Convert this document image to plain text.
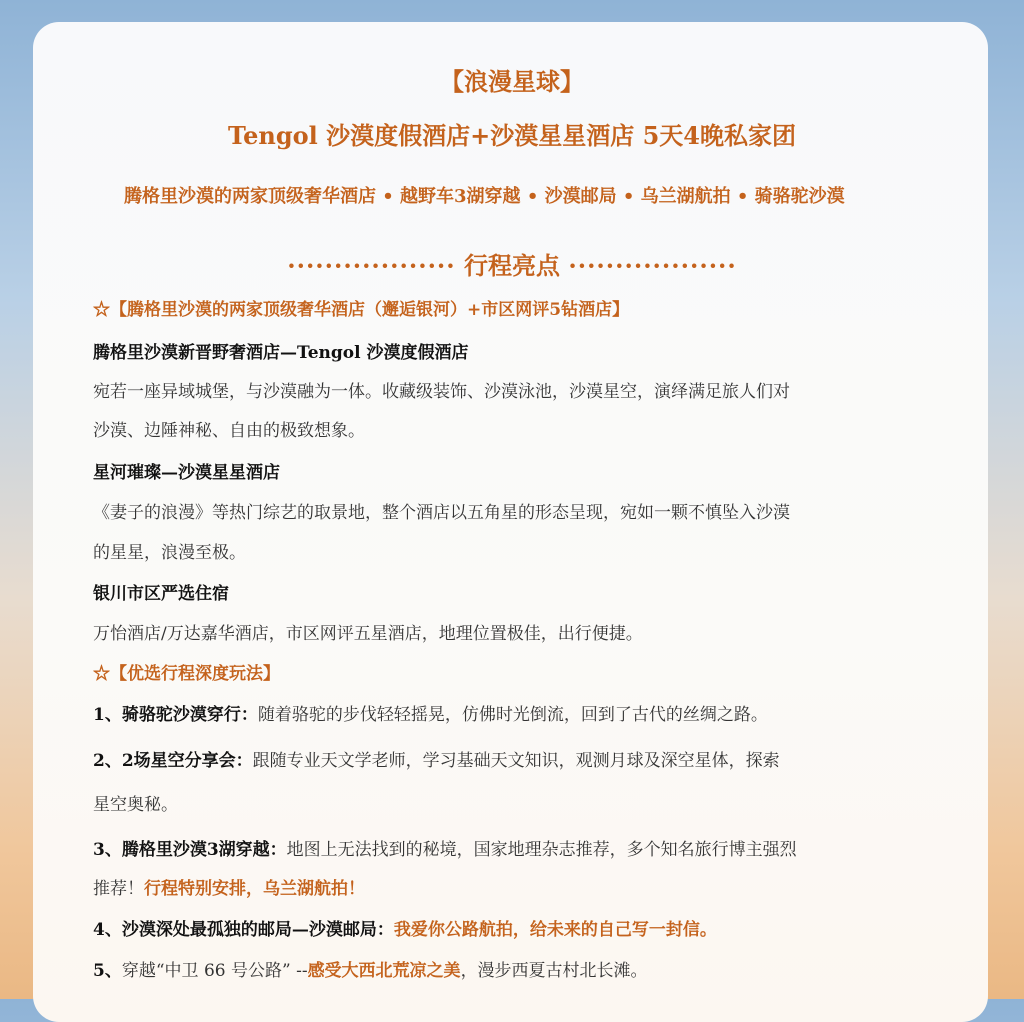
【浪漫星球】
Tengol 沙漠度假酒店+沙漠星星酒店 5天4晚私家团
腾格里沙漠的两家顶级奢华酒店 • 越野车3湖穿越 • 沙漠邮局 • 乌兰湖航拍 • 骑骆驼沙漠
·················· 行程亮点 ··················
☆【腾格里沙漠的两家顶级奢华酒店（邂逅银河）+市区网评5钻酒店】
腾格里沙漠新晋野奢酒店—Tengol 沙漠度假酒店
宛若一座异域城堡，与沙漠融为一体。收藏级装饰、沙漠泳池，沙漠星空，演绎满足旅人们对
沙漠、边陲神秘、自由的极致想象。
星河璀璨—沙漠星星酒店
《妻子的浪漫》等热门综艺的取景地，整个酒店以五角星的形态呈现，宛如一颗不慎坠入沙漠
的星星，浪漫至极。
银川市区严选住宿
万怡酒店/万达嘉华酒店，市区网评五星酒店，地理位置极佳，出行便捷。
☆【优选行程深度玩法】
1、骑骆驼沙漠穿行：随着骆驼的步伐轻轻摇晃，仿佛时光倒流，回到了古代的丝绸之路。
2、2场星空分享会：跟随专业天文学老师，学习基础天文知识，观测月球及深空星体，探索
星空奥秘。
3、腾格里沙漠3湖穿越：地图上无法找到的秘境，国家地理杂志推荐，多个知名旅行博主强烈
推荐！行程特别安排，乌兰湖航拍！
4、沙漠深处最孤独的邮局—沙漠邮局：我爱你公路航拍，给未来的自己写一封信。
5、穿越“中卫 66 号公路” --感受大西北荒凉之美，漫步西夏古村北长滩。
